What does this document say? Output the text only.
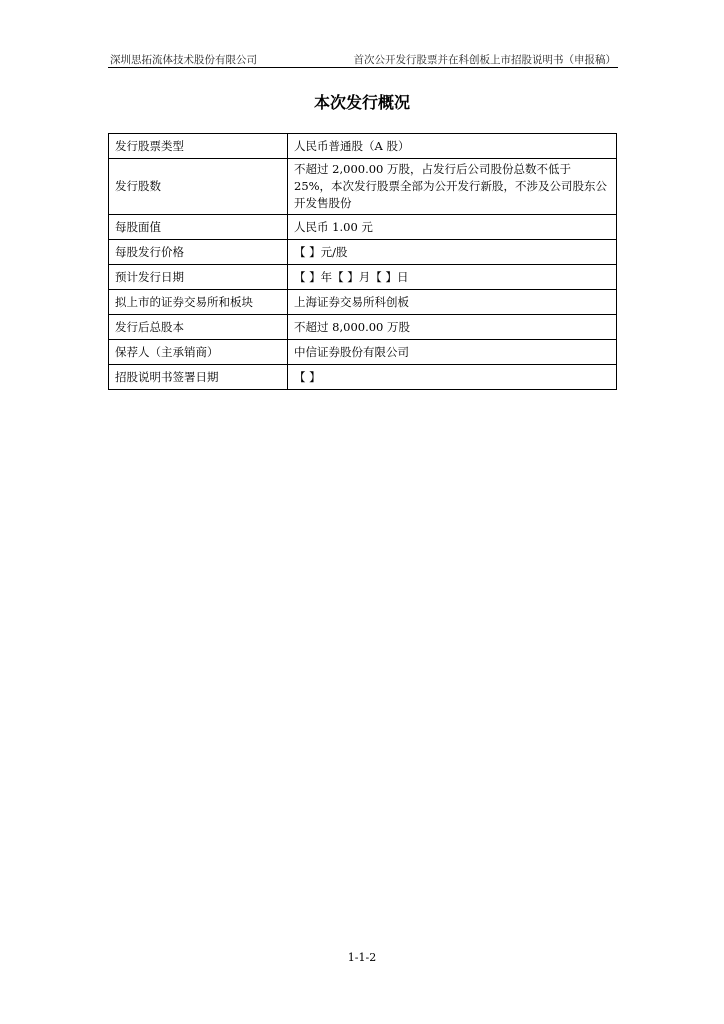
深圳思拓流体技术股份有限公司	首次公开发行股票并在科创板上市招股说明书（申报稿）
本次发行概况
发行股票类型	人民币普通股（A 股）
发行股数	不超过 2,000.00 万股，占发行后公司股份总数不低于 25%，本次发行股票全部为公开发行新股，不涉及公司股东公开发售股份
每股面值	人民币 1.00 元
每股发行价格	【 】元/股
预计发行日期	【 】年【 】月【 】日
拟上市的证券交易所和板块	上海证券交易所科创板
发行后总股本	不超过 8,000.00 万股
保荐人（主承销商）	中信证券股份有限公司
招股说明书签署日期	【 】
1-1-2
